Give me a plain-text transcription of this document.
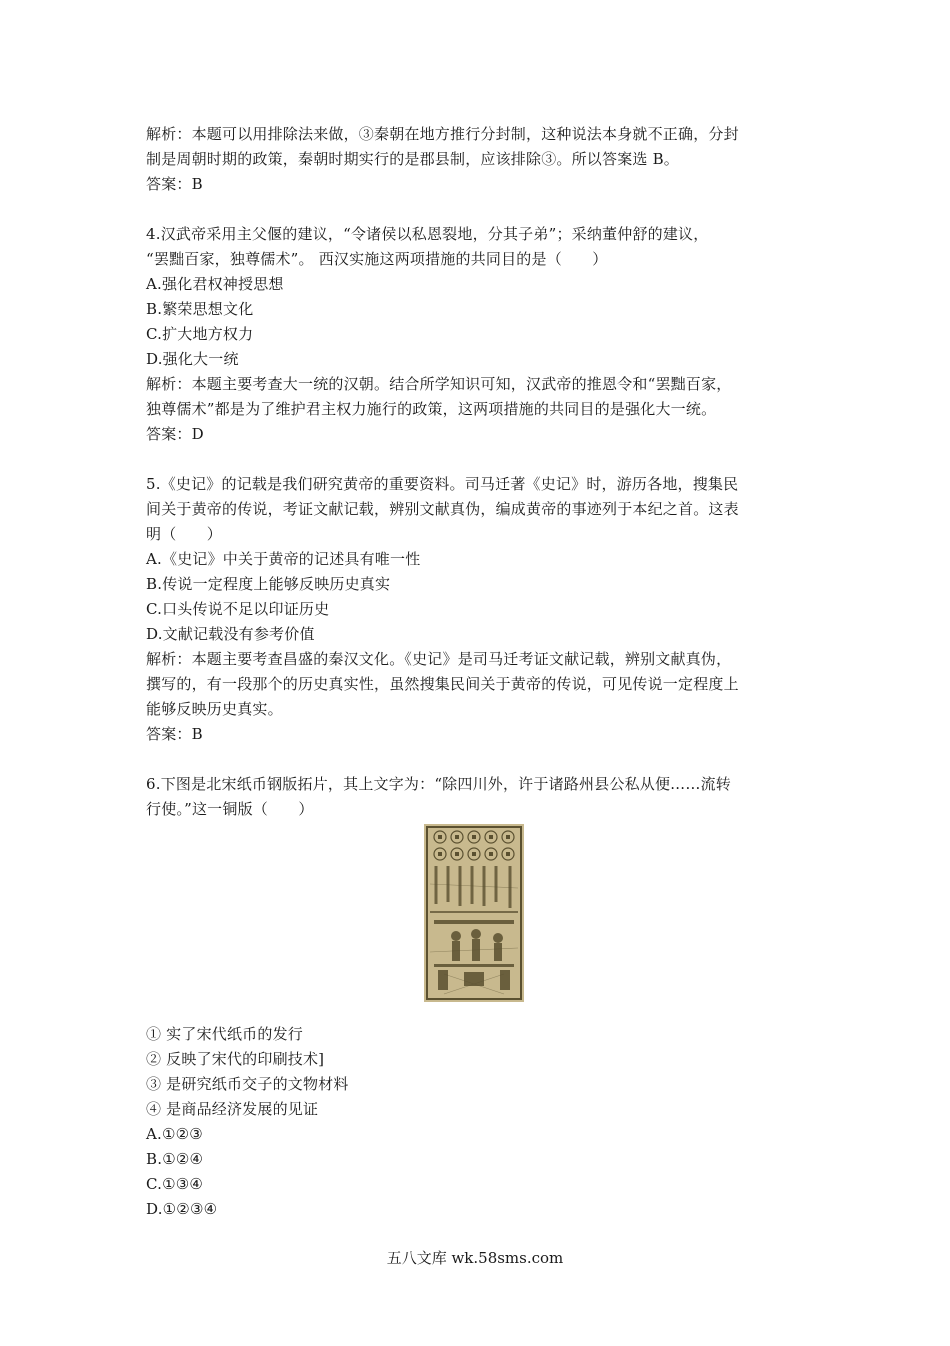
解析：本题可以用排除法来做，③秦朝在地方推行分封制，这种说法本身就不正确，分封
制是周朝时期的政策，秦朝时期实行的是郡县制，应该排除③。所以答案选 B。
答案：B
4.汉武帝采用主父偃的建议，“令诸侯以私恩裂地，分其子弟”；采纳董仲舒的建议，
“罢黜百家，独尊儒术”。 西汉实施这两项措施的共同目的是（　　）
A.强化君权神授思想
B.繁荣思想文化
C.扩大地方权力
D.强化大一统
解析：本题主要考查大一统的汉朝。结合所学知识可知，汉武帝的推恩令和“罢黜百家，
独尊儒术”都是为了维护君主权力施行的政策，这两项措施的共同目的是强化大一统。
答案：D
5.《史记》的记载是我们研究黄帝的重要资料。司马迁著《史记》时，游历各地，搜集民
间关于黄帝的传说，考证文献记载，辨别文献真伪，编成黄帝的事迹列于本纪之首。这表
明（　　）
A.《史记》中关于黄帝的记述具有唯一性
B.传说一定程度上能够反映历史真实
C.口头传说不足以印证历史
D.文献记载没有参考价值
解析：本题主要考查昌盛的秦汉文化。《史记》是司马迁考证文献记载，辨别文献真伪，
撰写的，有一段那个的历史真实性，虽然搜集民间关于黄帝的传说，可见传说一定程度上
能够反映历史真实。
答案：B
6.下图是北宋纸币钢版拓片，其上文字为：“除四川外，许于诸路州县公私从便……流转
行使。”这一铜版（　　）
① 实了宋代纸币的发行
② 反映了宋代的印刷技术]
③ 是研究纸币交子的文物材料
④ 是商品经济发展的见证
A.①②③
B.①②④
C.①③④
D.①②③④
五八文库 wk.58sms.com
